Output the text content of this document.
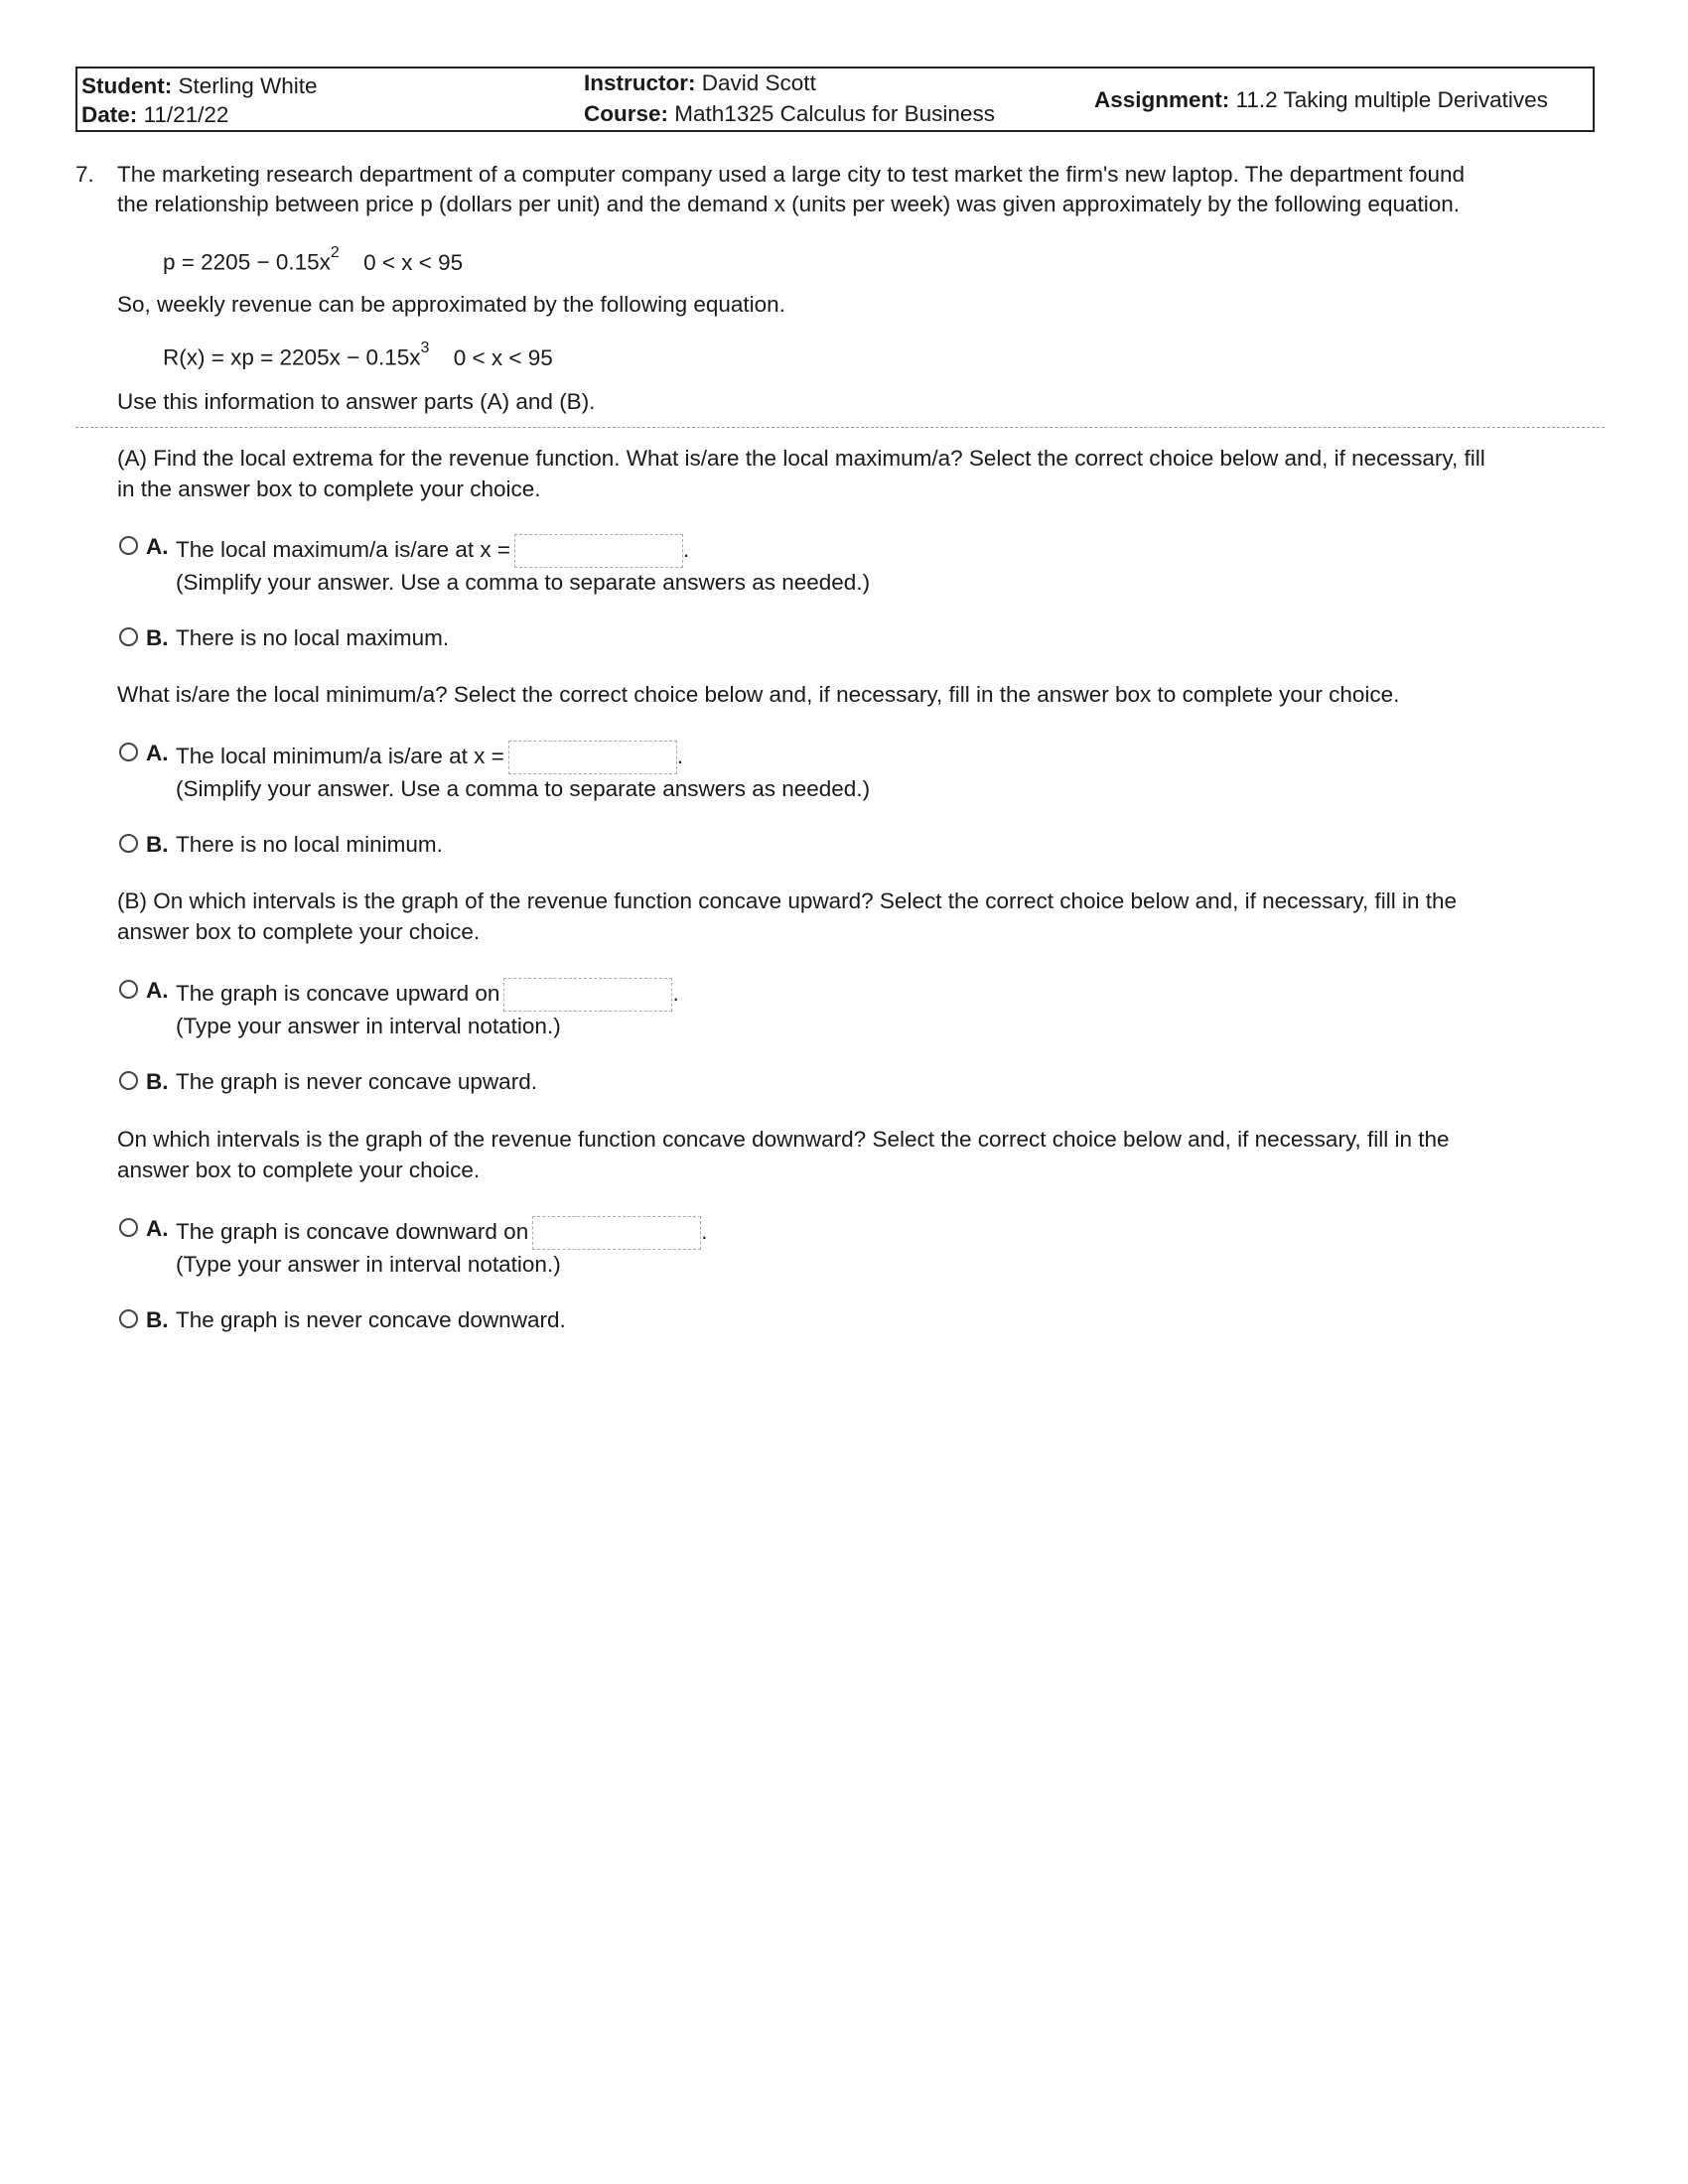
Student: Sterling White
Date: 11/21/22
Instructor: David Scott
Course: Math1325 Calculus for Business
Assignment: 11.2 Taking multiple Derivatives
7. The marketing research department of a computer company used a large city to test market the firm's new laptop. The department found
the relationship between price p (dollars per unit) and the demand x (units per week) was given approximately by the following equation.
$p = 2205 - 0.15x^2$ 0 < x < 95
So, weekly revenue can be approximated by the following equation.
R(x) = xp = $2205x - 0.15x^3$ 0 < x < 95
Use this information to answer parts (A) and (B).
(A) Find the local extrema for the revenue function. What is/are the local maximum/a? Select the correct choice below and, if necessary, fill
in the answer box to complete your choice.
A. The local maximum/a is/are at x =	.
(Simplify your answer. Use a comma to separate answers as needed.)
B. There is no local maximum.
What is/are the local minimum/a? Select the correct choice below and, if necessary, fill in the answer box to complete your choice.
A. The local minimum/a is/are at x =	.
(Simplify your answer. Use a comma to separate answers as needed.)
B. There is no local minimum.
(B) On which intervals is the graph of the revenue function concave upward? Select the correct choice below and, if necessary, fill in the
answer box to complete your choice.
A. The graph is concave upward on	.
(Type your answer in interval notation.)
B. The graph is never concave upward.
On which intervals is the graph of the revenue function concave downward? Select the correct choice below and, if necessary, fill in the
answer box to complete your choice.
A. The graph is concave downward on	.
(Type your answer in interval notation.)
B. The graph is never concave downward.
